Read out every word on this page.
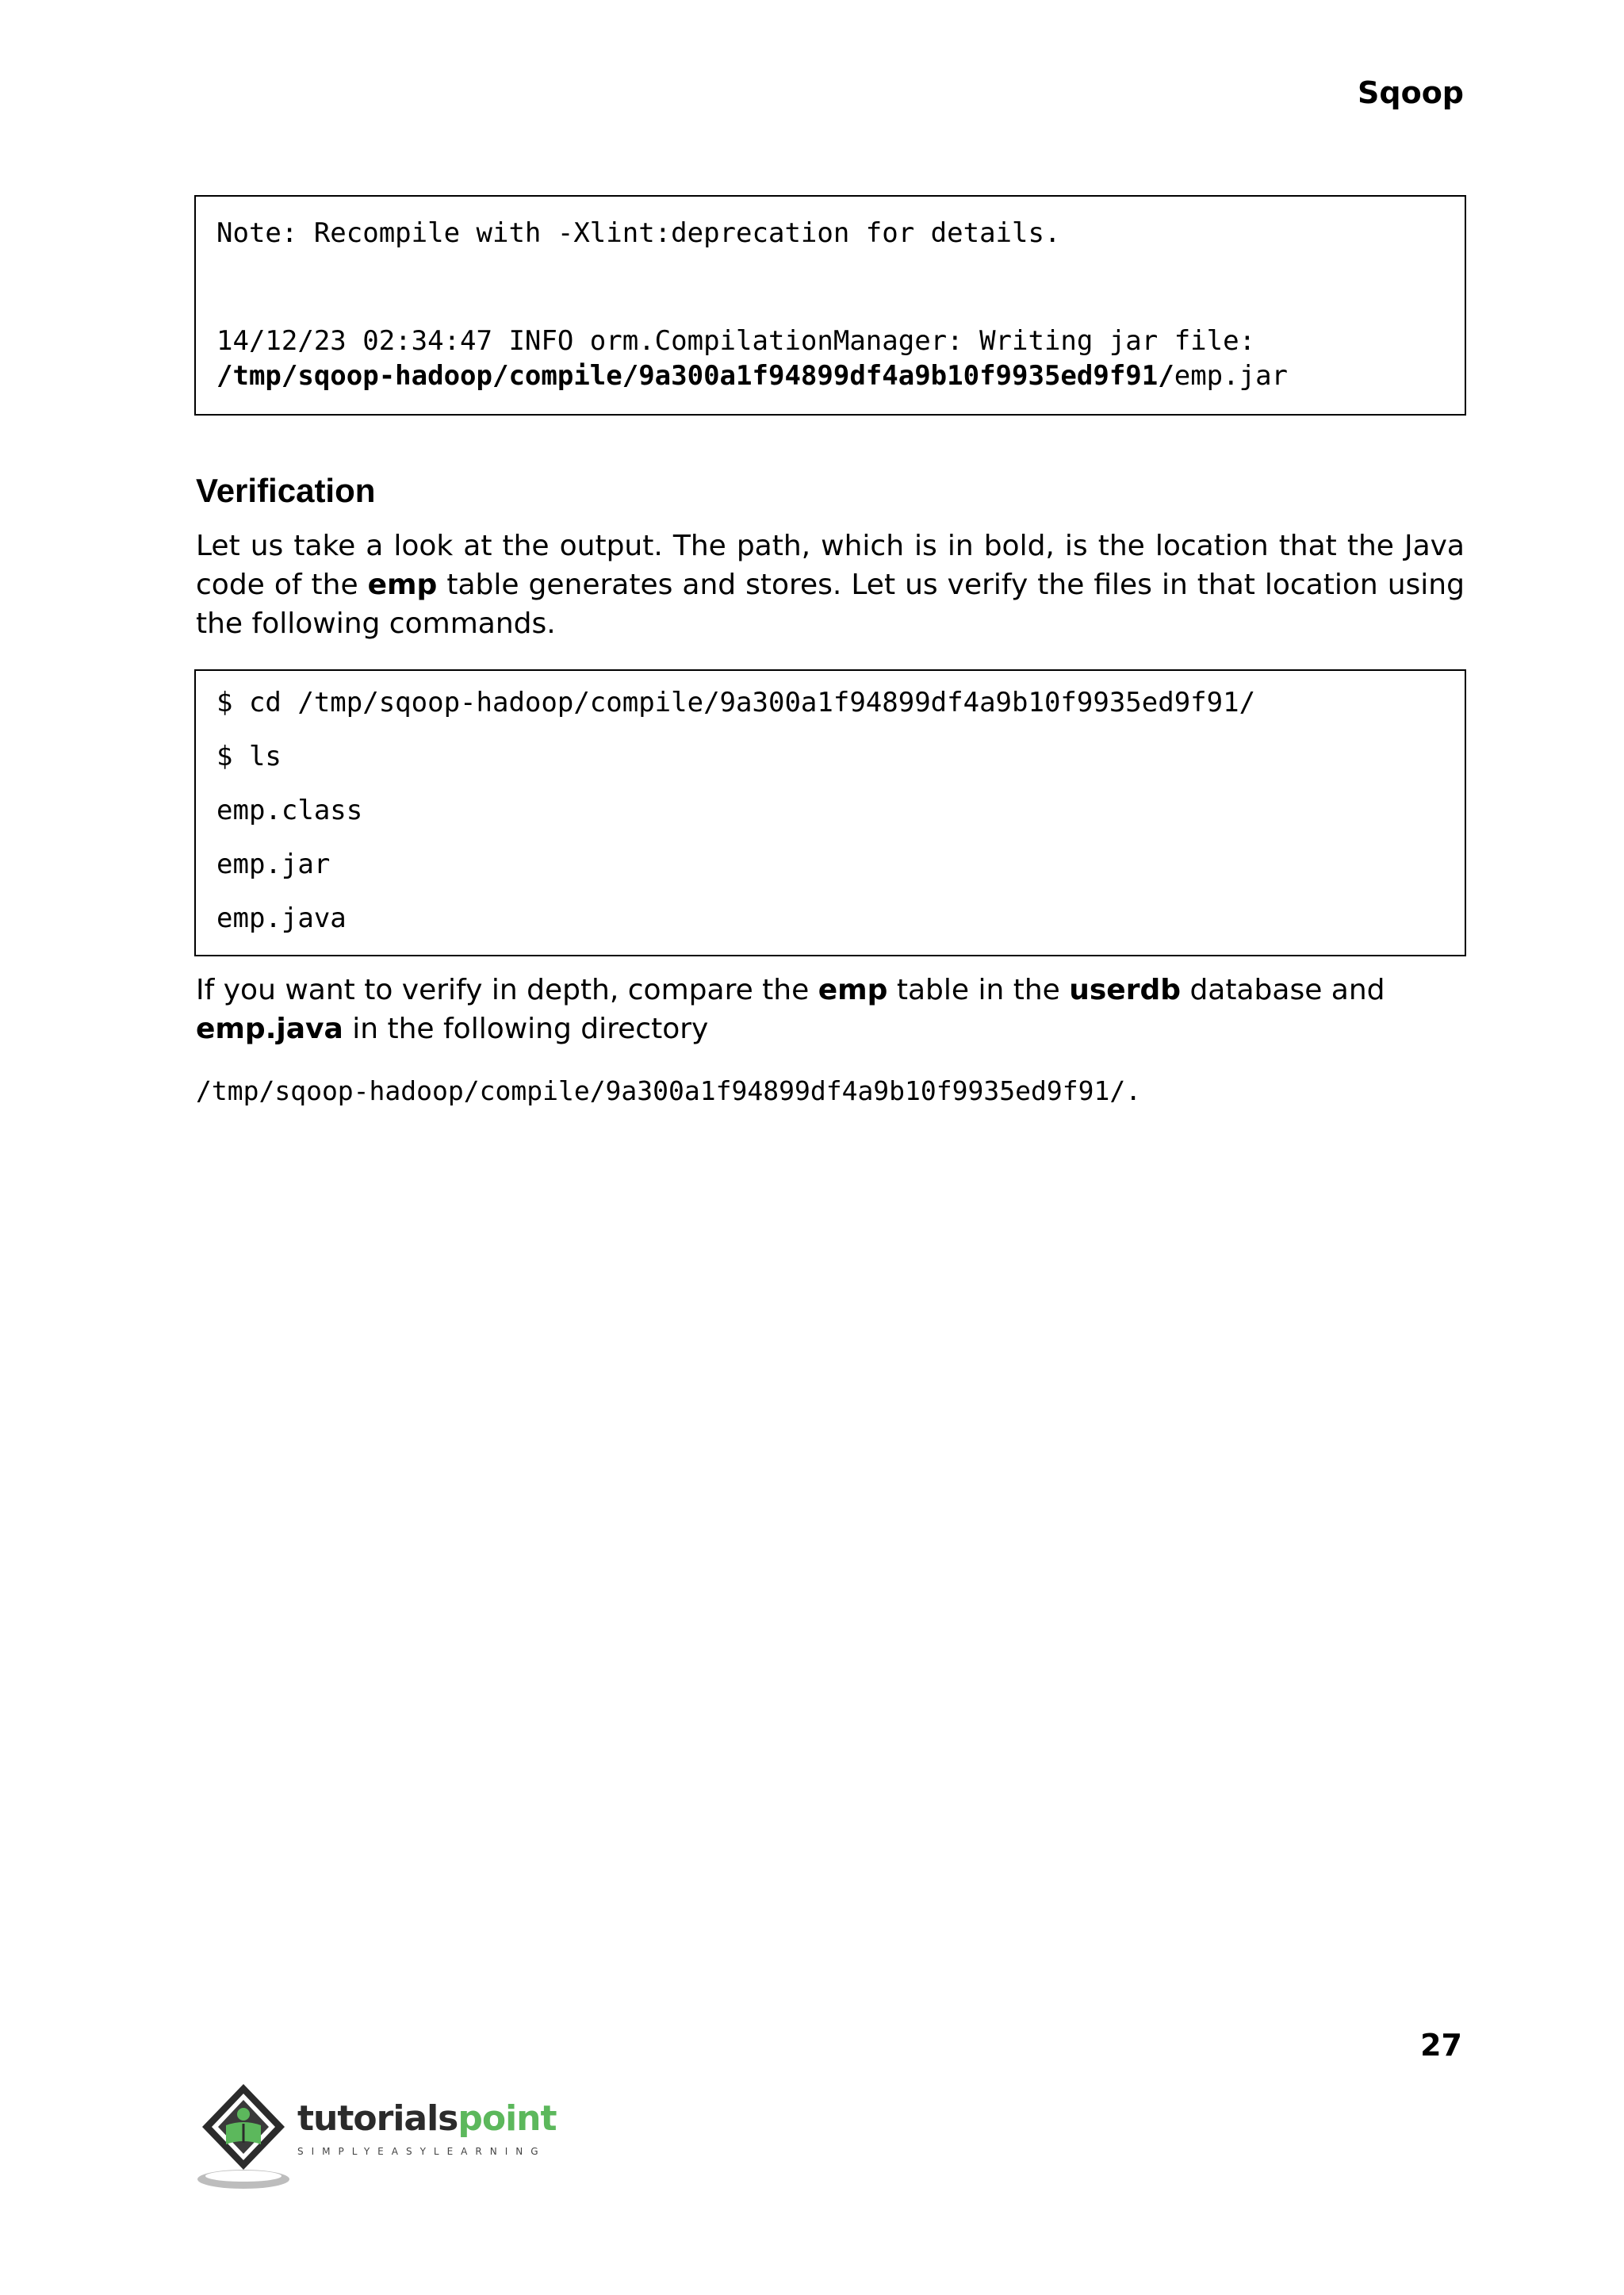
Sqoop
Note: Recompile with -Xlint:deprecation for details.
14/12/23 02:34:47 INFO orm.CompilationManager: Writing jar file:
/tmp/sqoop-hadoop/compile/9a300a1f94899df4a9b10f9935ed9f91/emp.jar
Verification

Let us take a look at the output. The path, which is in bold, is the location that the Java code of the emp table generates and stores. Let us verify the files in that location using the following commands.

$ cd /tmp/sqoop-hadoop/compile/9a300a1f94899df4a9b10f9935ed9f91/
$ ls
emp.class
emp.jar
emp.java

If you want to verify in depth, compare the emp table in the userdb database and
emp.java in the following directory

/tmp/sqoop-hadoop/compile/9a300a1f94899df4a9b10f9935ed9f91/.
27
tutorialspoint
SIMPLYEASYLEARNING
